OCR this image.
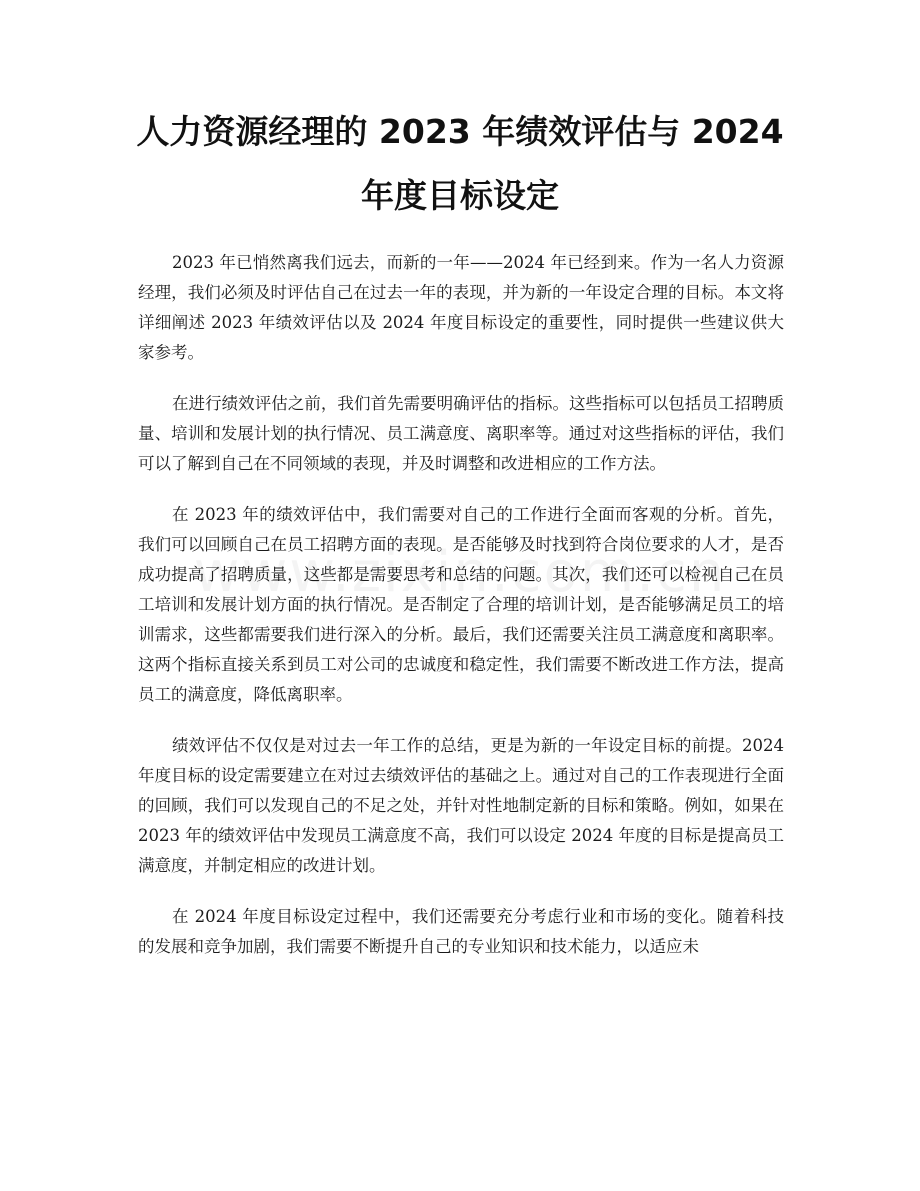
人力资源经理的 2023 年绩效评估与 2024 年度目标设定

2023 年已悄然离我们远去，而新的一年——2024 年已经到来。作为一名人力资源经理，我们必须及时评估自己在过去一年的表现，并为新的一年设定合理的目标。本文将详细阐述 2023 年绩效评估以及 2024 年度目标设定的重要性，同时提供一些建议供大家参考。

在进行绩效评估之前，我们首先需要明确评估的指标。这些指标可以包括员工招聘质量、培训和发展计划的执行情况、员工满意度、离职率等。通过对这些指标的评估，我们可以了解到自己在不同领域的表现，并及时调整和改进相应的工作方法。

在 2023 年的绩效评估中，我们需要对自己的工作进行全面而客观的分析。首先，我们可以回顾自己在员工招聘方面的表现。是否能够及时找到符合岗位要求的人才，是否成功提高了招聘质量，这些都是需要思考和总结的问题。其次，我们还可以检视自己在员工培训和发展计划方面的执行情况。是否制定了合理的培训计划，是否能够满足员工的培训需求，这些都需要我们进行深入的分析。最后，我们还需要关注员工满意度和离职率。这两个指标直接关系到员工对公司的忠诚度和稳定性，我们需要不断改进工作方法，提高员工的满意度，降低离职率。

绩效评估不仅仅是对过去一年工作的总结，更是为新的一年设定目标的前提。2024 年度目标的设定需要建立在对过去绩效评估的基础之上。通过对自己的工作表现进行全面的回顾，我们可以发现自己的不足之处，并针对性地制定新的目标和策略。例如，如果在 2023 年的绩效评估中发现员工满意度不高，我们可以设定 2024 年度的目标是提高员工满意度，并制定相应的改进计划。

在 2024 年度目标设定过程中，我们还需要充分考虑行业和市场的变化。随着科技的发展和竞争加剧，我们需要不断提升自己的专业知识和技术能力，以适应未
